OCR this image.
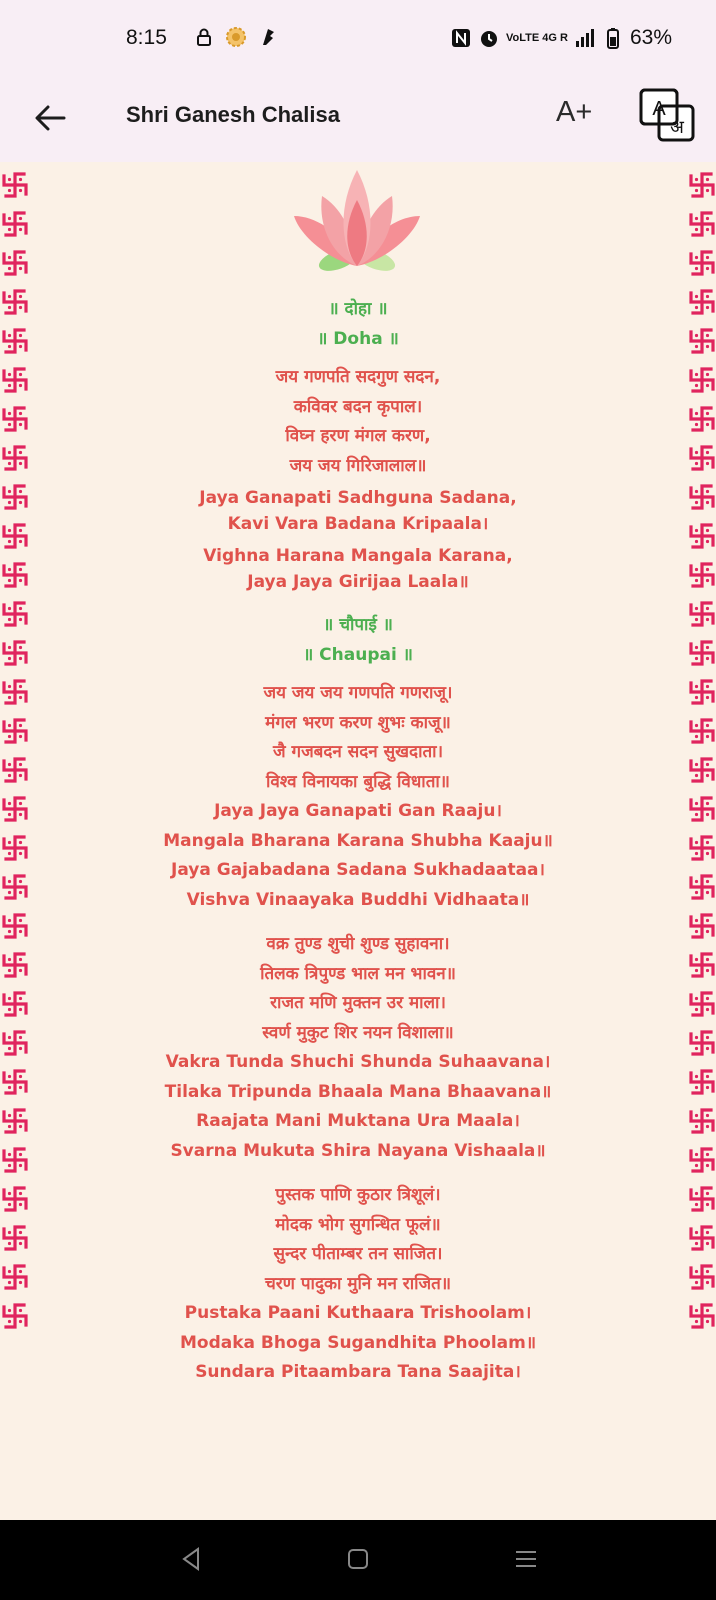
8:15	VoLTE 4G R	63%
Shri Ganesh Chalisa	A+	A
अ
॥ दोहा ॥
॥ Doha ॥
जय गणपति सदगुण सदन,
कविवर बदन कृपाल।
विघ्न हरण मंगल करण,
जय जय गिरिजालाल॥
Jaya Ganapati Sadhguna Sadana,
Kavi Vara Badana Kripaala।
Vighna Harana Mangala Karana,
Jaya Jaya Girijaa Laala॥
॥ चौपाई ॥
॥ Chaupai ॥
जय जय जय गणपति गणराजू।
मंगल भरण करण शुभः काजू॥
जै गजबदन सदन सुखदाता।
विश्व विनायका बुद्धि विधाता॥
Jaya Jaya Ganapati Gan Raaju।
Mangala Bharana Karana Shubha Kaaju॥
Jaya Gajabadana Sadana Sukhadaataa।
Vishva Vinaayaka Buddhi Vidhaata॥
वक्र तुण्ड शुची शुण्ड सुहावना।
तिलक त्रिपुण्ड भाल मन भावन॥
राजत मणि मुक्तन उर माला।
स्वर्ण मुकुट शिर नयन विशाला॥
Vakra Tunda Shuchi Shunda Suhaavana।
Tilaka Tripunda Bhaala Mana Bhaavana॥
Raajata Mani Muktana Ura Maala।
Svarna Mukuta Shira Nayana Vishaala॥
पुस्तक पाणि कुठार त्रिशूलं।
मोदक भोग सुगन्धित फूलं॥
सुन्दर पीताम्बर तन साजित।
चरण पादुका मुनि मन राजित॥
Pustaka Paani Kuthaara Trishoolam।
Modaka Bhoga Sugandhita Phoolam॥
Sundara Pitaambara Tana Saajita।
